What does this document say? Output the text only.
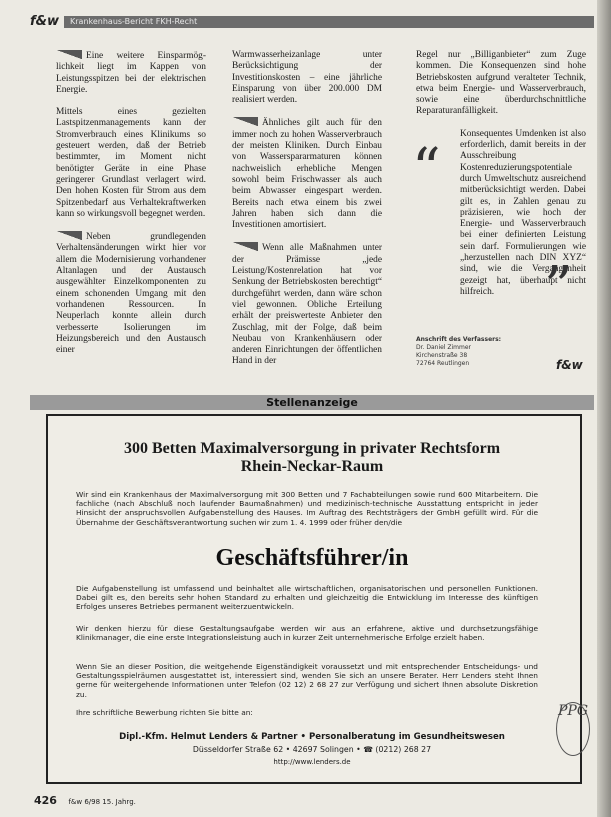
f&w Krankenhaus-Bericht FKH-Recht

Eine weitere Einsparmög-lichkeit liegt im Kappen von Leistungsspitzen bei der elektrischen Energie.

Mittels eines gezielten Lastspitzenmanagements kann der Stromverbrauch eines Klinikums so gesteuert werden, daß der Betrieb bestimmter, im Moment nicht benötigter Geräte in eine Phase geringerer Grundlast verlagert wird. Den hohen Kosten für Strom aus dem Spitzenbedarf aus Verhaltekraftwerken kann so wirkungsvoll begegnet werden.

Neben grundlegenden Verhaltensänderungen wirkt hier vor allem die Modernisierung vorhandener Altanlagen und der Austausch ausgewählter Einzelkomponenten zu einem schonenden Umgang mit den vorhandenen Ressourcen. In Neuperlach konnte allein durch verbesserte Isolierungen im Heizungsbereich und den Austausch einer

Warmwasserheizanlage unter Berücksichtigung der Investitionskosten – eine jährliche Einsparung von über 200.000 DM realisiert werden.

Ähnliches gilt auch für den immer noch zu hohen Wasserverbrauch der meisten Kliniken. Durch Einbau von Wasserspararmaturen können nachweislich erhebliche Mengen sowohl beim Frischwasser als auch beim Abwasser eingespart werden. Bereits nach etwa einem bis zwei Jahren haben sich dann die Investitionen amortisiert.

Wenn alle Maßnahmen unter der Prämisse „jede Leistung/Kostenrelation hat vor Senkung der Betriebskosten berechtigt“ durchgeführt werden, dann wäre schon viel gewonnen. Obliche Erteilung erhält der preiswerteste Anbieter den Zuschlag, mit der Folge, daß beim Neubau von Krankenhäusern oder anderen Einrichtungen der öffentlichen Hand in der

Regel nur „Billiganbieter“ zum Zuge kommen. Die Konsequenzen sind hohe Betriebskosten aufgrund veralteter Technik, etwa beim Energie- und Wasserverbrauch, sowie eine überdurchschnittliche Reparaturanfälligkeit.

Konsequentes Umdenken ist also erforderlich, damit bereits in der Ausschreibung Kostenreduzierungspotentiale durch Umweltschutz ausreichend mitberücksichtigt werden. Dabei gilt es, in Zahlen genau zu präzisieren, wie hoch der Energie- und Wasserverbrauch bei einer definierten Leistung sein darf. Formulierungen wie „herzustellen nach DIN XYZ“ sind, wie die Vergangenheit gezeigt hat, überhaupt nicht hilfreich.

“
”
Anschrift des Verfassers:
Dr. Daniel Zimmer
Kirchenstraße 38
72764 Reutlingen	f&w
Stellenanzeige
300 Betten Maximalversorgung in privater Rechtsform
Rhein-Neckar-Raum
Wir sind ein Krankenhaus der Maximalversorgung mit 300 Betten und 7 Fachabteilungen sowie rund 600 Mitarbeitern. Die fachliche (nach Abschluß noch laufender Baumaßnahmen) und medizinisch-technische Ausstattung entspricht in jeder Hinsicht der anspruchsvollen Aufgabenstellung des Hauses. Im Auftrag des Rechtsträgers der GmbH gefüllt wird. Für die Übernahme der Geschäftsverantwortung suchen wir zum 1. 4. 1999 oder früher den/die
Geschäftsführer/in
Die Aufgabenstellung ist umfassend und beinhaltet alle wirtschaftlichen, organisatorischen und personellen Funktionen. Dabei gilt es, den bereits sehr hohen Standard zu erhalten und gleichzeitig die Entwicklung im Interesse des künftigen Erfolges unseres Betriebes permanent weiterzuentwickeln.
Wir denken hierzu für diese Gestaltungsaufgabe werden wir aus an erfahrene, aktive und durchsetzungsfähige Klinikmanager, die eine erste Integrationsleistung auch in kurzer Zeit unternehmerische Erfolge erzielt haben.
Wenn Sie an dieser Position, die weitgehende Eigenständigkeit voraussetzt und mit entsprechender Entscheidungs- und Gestaltungsspielräumen ausgestattet ist, interessiert sind, wenden Sie sich an unsere Berater. Herr Lenders steht Ihnen gerne für weitergehende Informationen unter Telefon (02 12) 2 68 27 zur Verfügung und sichert Ihnen absolute Diskretion zu.
Ihre schriftliche Bewerbung richten Sie bitte an:
Dipl.-Kfm. Helmut Lenders & Partner • Personalberatung im Gesundheitswesen
Düsseldorfer Straße 62 • 42697 Solingen • ☎ (0212) 268 27
http://www.lenders.de
PPG
426 f&w 6/98 15. Jahrg.
